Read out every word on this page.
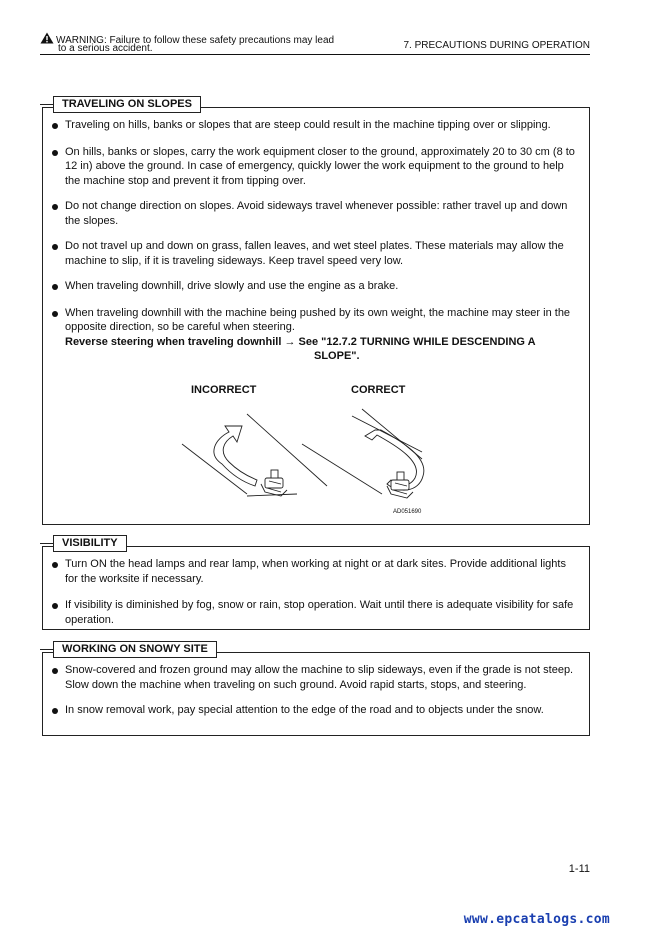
WARNING: Failure to follow these safety precautions may lead
to a serious accident.	7. PRECAUTIONS DURING OPERATION
TRAVELING ON SLOPES
Traveling on hills, banks or slopes that are steep could result in the machine tipping over or slipping.
On hills, banks or slopes, carry the work equipment closer to the ground, approximately 20 to 30 cm (8 to 12 in) above the ground. In case of emergency, quickly lower the work equipment to the ground to help the machine stop and prevent it from tipping over.
Do not change direction on slopes. Avoid sideways travel whenever possible: rather travel up and down the slopes.
Do not travel up and down on grass, fallen leaves, and wet steel plates. These materials may allow the machine to slip, if it is traveling sideways. Keep travel speed very low.
When traveling downhill, drive slowly and use the engine as a brake.
When traveling downhill with the machine being pushed by its own weight, the machine may steer in the opposite direction, so be careful when steering.
Reverse steering when traveling downhill → See "12.7.2 TURNING WHILE DESCENDING A
SLOPE".
INCORRECT	CORRECT
AD051690
VISIBILITY
Turn ON the head lamps and rear lamp, when working at night or at dark sites. Provide additional lights for the worksite if necessary.
If visibility is diminished by fog, snow or rain, stop operation. Wait until there is adequate visibility for safe operation.
WORKING ON SNOWY SITE
Snow-covered and frozen ground may allow the machine to slip sideways, even if the grade is not steep. Slow down the machine when traveling on such ground. Avoid rapid starts, stops, and steering.
In snow removal work, pay special attention to the edge of the road and to objects under the snow.
1-11
www.epcatalogs.com
